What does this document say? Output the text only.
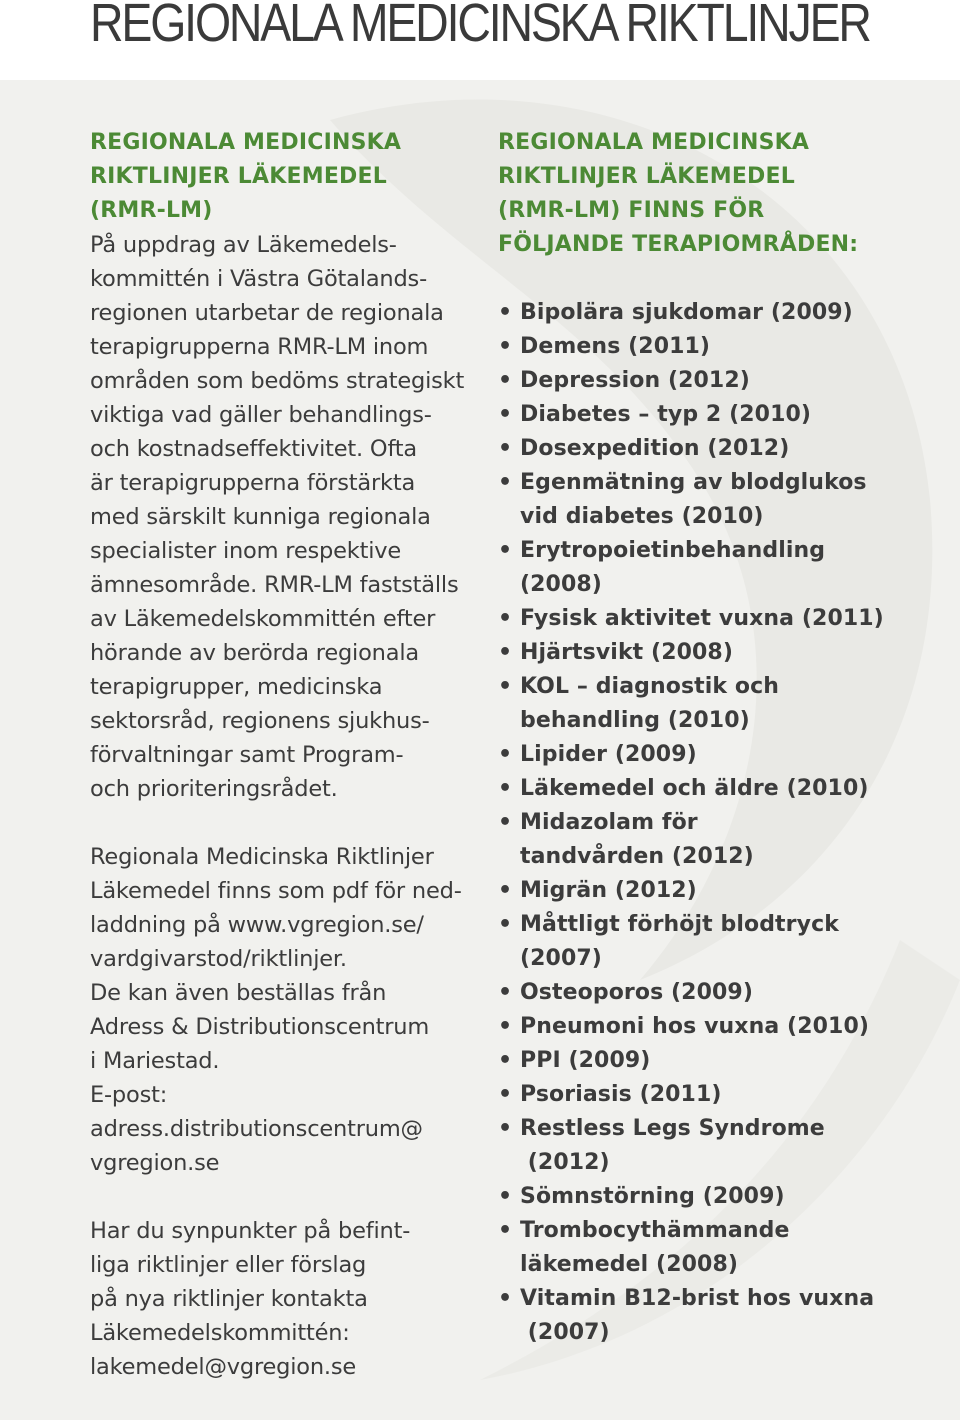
REGIONALA MEDICINSKA RIKTLINJER
REGIONALA MEDICINSKA
RIKTLINJER LÄKEMEDEL
(RMR-LM)
På uppdrag av Läkemedels-
kommittén i Västra Götalands-
regionen utarbetar de regionala
terapigrupperna RMR-LM inom
områden som bedöms strategiskt
viktiga vad gäller behandlings-
och kostnadseffektivitet. Ofta
är terapigrupperna förstärkta
med särskilt kunniga regionala
specialister inom respektive
ämnesområde. RMR-LM fastställs
av Läkemedelskommittén efter
hörande av berörda regionala
terapigrupper, medicinska
sektorsråd, regionens sjukhus-
förvaltningar samt Program-
och prioriteringsrådet.
Regionala Medicinska Riktlinjer
Läkemedel finns som pdf för ned-
laddning på www.vgregion.se/
vardgivarstod/riktlinjer.
De kan även beställas från
Adress & Distributionscentrum
i Mariestad.
E-post:
adress.distributionscentrum@
vgregion.se
Har du synpunkter på befint-
liga riktlinjer eller förslag
på nya riktlinjer kontakta
Läkemedelskommittén:
lakemedel@vgregion.se
REGIONALA MEDICINSKA
RIKTLINJER LÄKEMEDEL
(RMR-LM) FINNS FÖR
FÖLJANDE TERAPIOMRÅDEN:
• Bipolära sjukdomar (2009)
• Demens (2011)
• Depression (2012)
• Diabetes – typ 2 (2010)
• Dosexpedition (2012)
• Egenmätning av blodglukos
vid diabetes (2010)
• Erytropoietinbehandling
(2008)
• Fysisk aktivitet vuxna (2011)
• Hjärtsvikt (2008)
• KOL – diagnostik och
behandling (2010)
• Lipider (2009)
• Läkemedel och äldre (2010)
• Midazolam för
tandvården (2012)
• Migrän (2012)
• Måttligt förhöjt blodtryck
(2007)
• Osteoporos (2009)
• Pneumoni hos vuxna (2010)
• PPI (2009)
• Psoriasis (2011)
• Restless Legs Syndrome
(2012)
• Sömnstörning (2009)
• Trombocythämmande
läkemedel (2008)
• Vitamin B12-brist hos vuxna
(2007)
